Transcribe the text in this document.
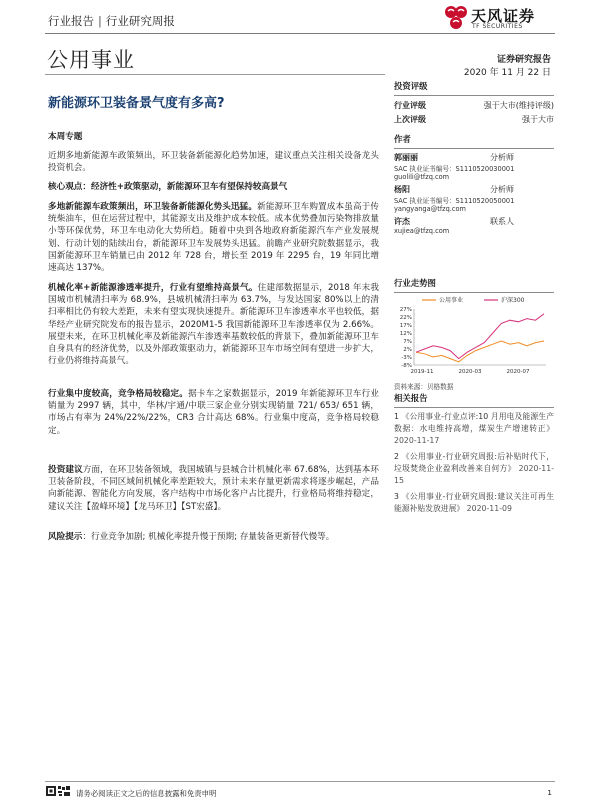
行业报告 | 行业研究周报	天风证券
TF SECURITIES
公用事业	证券研究报告
2020 年 11 月 22 日
新能源环卫装备景气度有多高?
本周专题
近期多地新能源车政策频出，环卫装备新能源化趋势加速，建议重点关注相关设备龙头投资机会。
核心观点：经济性+政策驱动，新能源环卫车有望保持较高景气
多地新能源车政策频出，环卫装备新能源化势头迅猛。新能源环卫车购置成本虽高于传统柴油车，但在运营过程中，其能源支出及维护成本较低。成本优势叠加污染物排放量小等环保优势，环卫车电动化大势所趋。随着中央到各地政府新能源汽车产业发展规划、行动计划的陆续出台，新能源环卫车发展势头迅猛。前瞻产业研究院数据显示，我国新能源环卫车销量已由 2012 年 728 台，增长至 2019 年 2295 台，19 年同比增速高达 137%。
机械化率+新能源渗透率提升，行业有望维持高景气。住建部数据显示，2018 年末我国城市机械清扫率为 68.9%，县城机械清扫率为 63.7%，与发达国家 80%以上的清扫率相比仍有较大差距，未来有望实现快速提升。新能源环卫车渗透率水平也较低，据华经产业研究院发布的报告显示，2020M1-5 我国新能源环卫车渗透率仅为 2.66%。展望未来，在环卫机械化率及新能源汽车渗透率基数较低的背景下，叠加新能源环卫车自身具有的经济优势，以及外部政策驱动力，新能源环卫车市场空间有望进一步扩大，行业仍将维持高景气。
行业集中度较高，竞争格局较稳定。据卡车之家数据显示，2019 年新能源环卫车行业销量为 2997 辆，其中，华林/宇通/中联三家企业分别实现销量 721/ 653/ 651 辆，市场占有率为 24%/22%/22%，CR3 合计高达 68%。行业集中度高，竞争格局较稳定。
投资建议方面，在环卫装备领域，我国城镇与县城合计机械化率 67.68%，达到基本环卫装备阶段，不同区域间机械化率差距较大，预计未来存量更新需求将逐步崛起，产品向新能源、智能化方向发展，客户结构中市场化客户占比提升，行业格局将维持稳定，建议关注【盈峰环境】【龙马环卫】【ST宏盛】。
风险提示：行业竞争加剧; 机械化率提升慢于预期; 存量装备更新替代慢等。
投资评级
行业评级	强于大市(维持评级)
上次评级	强于大市
作者
郭丽丽	分析师
SAC 执业证书编号：S1110520030001
guolili@tfzq.com
杨阳	分析师
SAC 执业证书编号：S1110520050001
yangyanga@tfzq.com
许杰	联系人
xujiea@tfzq.com
行业走势图
27%
22%
17%
12%
7%
2%
-3%
-8%
2019-11	2020-03	2020-07
公用事业	沪深300
资料来源：贝格数据
相关报告
1 《公用事业-行业点评:10 月用电及能源生产数据：水电维持高增，煤炭生产增速转正》 2020-11-17
2 《公用事业-行业研究周报:后补贴时代下，垃圾焚烧企业盈利改善来自何方》 2020-11-15
3 《公用事业-行业研究周报:建议关注可再生能源补贴发放进展》 2020-11-09
请务必阅读正文之后的信息披露和免责申明	1
